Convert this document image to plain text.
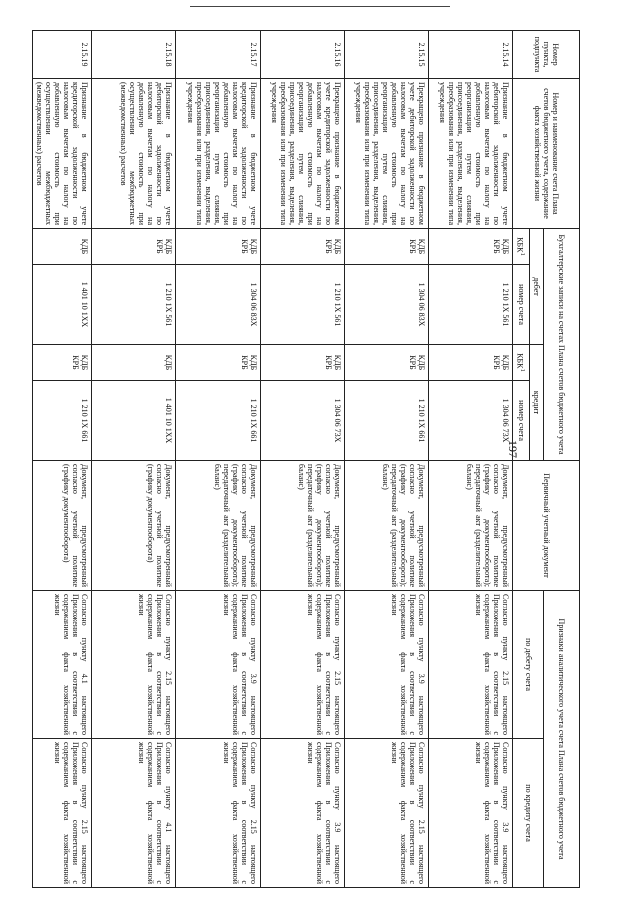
197
Номер пункта, подпункта	Номер и наименование счета Плана счетов бюджетного учета, содержание факта хозяйственной жизни	Бухгалтерские записи на счетах Плана счетов бюджетного учета				Первичный учетный документ	Признаки аналитического учета счета Плана счетов бюджетного учета	
		дебет		кредит			по дебету счета	по кредиту счета
		КБК$^1$	номер счета	КБК$^1$	номер счета			
2.15.14	Признание в бюджетном учете дебиторской задолженности по налоговым вычетам по налогу на добавленную стоимость при реорганизации путем слияния, присоединения, разделения, выделения, преобразования или при изменении типа учреждения	КДБ КРБ	1 210 1Х 561	КДБ КРБ	1 304 06 73Х	Документ, предусмотренный согласно учетной политике (графику документооборота); передаточный акт (разделительный баланс)	Согласно пункту 2.15 настоящего Приложения в соответствии с содержанием факта хозяйственной жизни	Согласно пункту 3.9 настоящего Приложения в соответствии с содержанием факта хозяйственной жизни
2.15.15	Прекращено признание в бюджетном учете дебиторской задолженности по налоговым вычетам по налогу на добавленную стоимость при реорганизации путем слияния, присоединения, разделения, выделения, преобразования или при изменении типа учреждения	КДБ КРБ	1 304 06 83Х	КДБ КРБ	1 210 1Х 661	Документ, предусмотренный согласно учетной политике (графику документооборота); передаточный акт (разделительный баланс)	Согласно пункту 3.9 настоящего Приложения в соответствии с содержанием факта хозяйственной жизни	Согласно пункту 2.15 настоящего Приложения в соответствии с содержанием факта хозяйственной жизни
2.15.16	Прекращено признание в бюджетном учете кредиторской задолженности по налоговым вычетам по налогу на добавленную стоимость при реорганизации путем слияния, присоединения, разделения, выделения, преобразования или при изменении типа учреждения	КДБ КРБ	1 210 1Х 561	КДБ КРБ	1 304 06 73Х	Документ, предусмотренный согласно учетной политике (графику документооборота); передаточный акт (разделительный баланс)	Согласно пункту 2.15 настоящего Приложения в соответствии с содержанием факта хозяйственной жизни	Согласно пункту 3.9 настоящего Приложения в соответствии с содержанием факта хозяйственной жизни
2.15.17	Признание в бюджетном учете кредиторской задолженности по налоговым вычетам по налогу на добавленную стоимость при реорганизации путем слияния, присоединения, разделения, выделения, преобразования или при изменении типа учреждения	КДБ КРБ	1 304 06 83Х	КДБ КРБ	1 210 1Х 661	Документ, предусмотренный согласно учетной политике (графику документооборота); передаточный акт (разделительный баланс)	Согласно пункту 3.9 настоящего Приложения в соответствии с содержанием факта хозяйственной жизни	Согласно пункту 2.15 настоящего Приложения в соответствии с содержанием факта хозяйственной жизни
2.15.18	Признание в бюджетном учете дебиторской задолженности по налоговым вычетам по налогу на добавленную стоимость при осуществлении межбюджетных (межведомственных) расчетов	КДБ КРБ	1 210 1Х 561	КДБ	1 401 10 1ХХ	Документ, предусмотренный согласно учетной политике (графику документооборота)	Согласно пункту 2.15 настоящего Приложения в соответствии с содержанием факта хозяйственной жизни	Согласно пункту 4.1 настоящего Приложения в соответствии с содержанием факта хозяйственной жизни
2.15.19	Признание в бюджетном учете кредиторской задолженности по налоговым вычетам по налогу на добавленную стоимость при осуществлении межбюджетных (межведомственных) расчетов	КДБ	1 401 10 1ХХ	КДБ КРБ	1 210 1Х 661	Документ, предусмотренный согласно учетной политике (графику документооборота)	Согласно пункту 4.1 настоящего Приложения в соответствии с содержанием факта хозяйственной жизни	Согласно пункту 2.15 настоящего Приложения в соответствии с содержанием факта хозяйственной жизни
